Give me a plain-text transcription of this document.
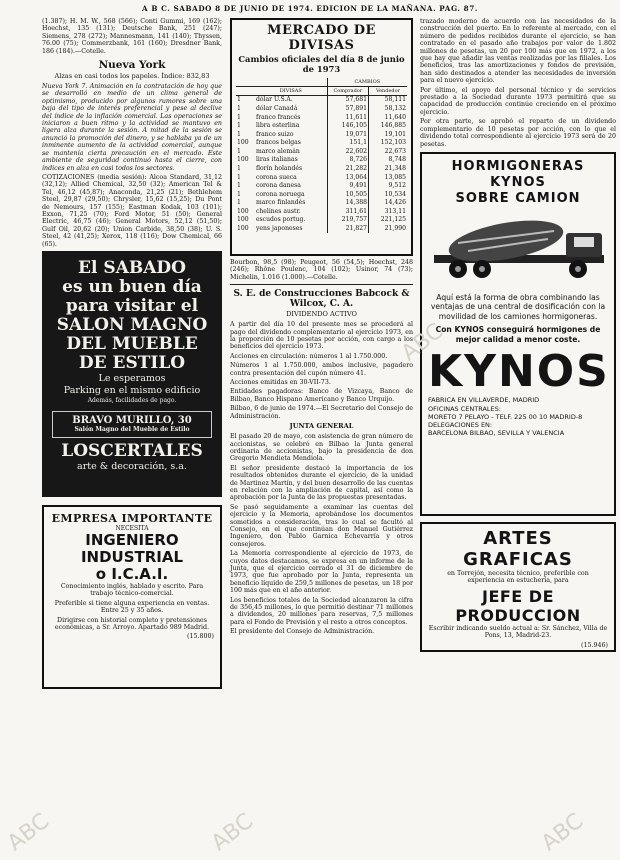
A B C. SABADO 8 DE JUNIO DE 1974. EDICION DE LA MAÑANA. PAG. 87.

(1.387); H. M. W., 568 (566); Conti Gummi, 169 (162); Hoechst, 135 (131); Deutsche Bank, 251 (247); Siemens, 278 (272); Mannesmann, 141 (140); Thyssen, 76.00 (75); Commerzbank, 161 (160); Dresdner Bank, 186 (184).—Cotelle.

Nueva York
Alzas en casi todos los papeles. Índice: 832,83

Nueva York 7. Animación en la contratación de hoy que se desarrolló en medio de un clima general de optimismo, producido por algunos rumores sobre una baja del tipo de interés preferencial y pese al declive del índice de la inflación comercial. Las operaciones se iniciaron a buen ritmo y la actividad se mantuvo en ligera alza durante la sesión. A mitad de la sesión se anunció la promoción del dinero, y se hablaba ya de un inminente aumento de la actividad comercial, aunque se mantenía cierta precaución en el mercado. Este ambiente de seguridad continuó hasta el cierre, con índices en alza en casi todos los sectores.

COTIZACIONES (media sesión): Alcoa Standard, 31,12 (32,12); Allied Chemical, 32,50 (32); American Tel & Tel, 46,12 (45,87); Anaconda, 21,25 (21); Bethlehem Steel, 29,87 (29,50); Chrysler, 15,62 (15,25); Du Pont de Nemours, 157 (155); Eastman Kodak, 103 (101); Exxon, 71,25 (70); Ford Motor, 51 (50); General Electric, 46,75 (46); General Motors, 52,12 (51,50); Gulf Oil, 20,62 (20); Union Carbide, 38,50 (38); U. S. Steel, 42 (41,25); Xerox, 118 (116); Dow Chemical, 66 (65).

El SABADO
es un buen día
para visitar el
SALON MAGNO
DEL MUEBLE
DE ESTILO
Le esperamos
Parking en el mismo edificio
Además, facilidades de pago.
BRAVO MURILLO, 30
Salón Magno del Mueble de Estilo
LOSCERTALES
arte & decoración, s.a.
EMPRESA IMPORTANTE
NECESITA
INGENIERO INDUSTRIAL
o I.C.A.I.

Conocimiento inglés, hablado y escrito. Para trabajo técnico-comercial.

Preferible si tiene alguna experiencia en ventas. Entre 25 y 35 años.

Dirigirse con historial completo y pretensiones económicas, a Sr. Arroyo. Apartado 989 Madrid.

(15.800)

MERCADO DE DIVISAS
Cambios oficiales del día 8 de junio de 1973
		CAMBIOS	
	DIVISAS	Comprador	Vendedor
1	dólar U.S.A.	57,681	58,111
1	dólar Canadá	57,891	58,132
1	franco francés	11,611	11,640
1	libra esterlina	146,105	146,885
1	franco suizo	19,071	19,101
100	francos belgas	151,1	152,103
1	marco alemán	22,602	22,673
100	liras italianas	8,726	8,748
1	florín holandés	21,282	21,348
1	corona sueca	13,064	13,085
1	corona danesa	9,491	9,512
1	corona noruega	10,505	10,534
1	marco finlandés	14,388	14,426
100	chelines austr.	311,61	313,11
100	escudos portug.	219,757	221,125
100	yens japoneses	21,827	21,990

Bourbon, 98,5 (98); Peugeot, 56 (54,5); Hoechst, 248 (246); Rhône Poulenc, 104 (102); Usinor, 74 (73); Michelin, 1.016 (1.000).—Cotelle.

S. E. de Construcciones Babcock & Wilcox, C. A.
DIVIDENDO ACTIVO

A partir del día 10 del presente mes se procederá al pago del dividendo complementario al ejercicio 1973, en la proporción de 10 pesetas por acción, con cargo a los beneficios del ejercicio 1973.

Acciones en circulación: números 1 al 1.750.000.

Números 1 al 1.750.000, ambos inclusive, pagadero contra presentación del cupón número 41.

Acciones emitidas en 30-VII-73.

Entidades pagadoras: Banco de Vizcaya, Banco de Bilbao, Banco Hispano Americano y Banco Urquijo.

Bilbao, 6 de junio de 1974.—El Secretario del Consejo de Administración.

JUNTA GENERAL

El pasado 20 de mayo, con asistencia de gran número de accionistas, se celebró en Bilbao la Junta general ordinaria de accionistas, bajo la presidencia de don Gregorio Mendieta Mendiola.

El señor presidente destacó la importancia de los resultados obtenidos durante el ejercicio, de la unidad de Martinez Martín, y del buen desarrollo de las cuentas en relación con la ampliación de capital, así como la aprobación por la Junta de las propuestas presentadas.

Se pasó seguidamente a examinar las cuentas del ejercicio y la Memoria, aprobándose los documentos sometidos a consideración, tras lo cual se facultó al Consejo, en el que continúan don Manuel Gutiérrez Ingeniero, don Pablo Garnica Echevarría y otros consejeros.

La Memoria correspondiente al ejercicio de 1973, de cuyos datos destacamos, se expresa en un informe de la Junta, que el ejercicio cerrado el 31 de diciembre de 1973, que fue aprobado por la Junta, representa un beneficio líquido de 259,5 millones de pesetas, un 18 por 100 más que en el año anterior.

Los beneficios totales de la Sociedad alcanzaron la cifra de 356,45 millones, lo que permitió destinar 71 millones a dividendos, 20 millones para reservas, 7,5 millones para el Fondo de Previsión y el resto a otros conceptos.

El presidente del Consejo de Administración.

trazado moderno de acuerdo con las necesidades de la construcción del puerto. En lo referente al mercado, con el número de pedidos recibidos durante el ejercicio, se han contratado en el pasado año trabajos por valor de 1.802 millones de pesetas, un 20 por 100 más que en 1972, a los que hay que añadir las ventas realizadas por las filiales. Los beneficios, tras las amortizaciones y fondos de previsión, han sido destinados a atender las necesidades de inversión para el nuevo ejercicio.

Por último, el apoyo del personal técnico y de servicios prestado a la Sociedad durante 1973 permitirá que su capacidad de producción continúe creciendo en el próximo ejercicio.

Por otra parte, se aprobó el reparto de un dividendo complementario de 10 pesetas por acción, con lo que el dividendo total correspondiente al ejercicio 1973 será de 20 pesetas.

HORMIGONERAS
KYNOS
SOBRE CAMION
Aquí está la forma de obra combinando las ventajas de una central de dosificación con la movilidad de los camiones hormigoneras.
Con KYNOS conseguirá hormigones de mejor calidad a menor coste.
KYNOS
FABRICA EN VILLAVERDE, MADRID
OFICINAS CENTRALES:
MORETO 7 PELAYO - TELF. 225 00 10 MADRID-8
DELEGACIONES EN:
BARCELONA BILBAO, SEVILLA Y VALENCIA
ARTES GRAFICAS

en Torrejón, necesita técnico, preferible con experiencia en estuchería, para

JEFE DE PRODUCCION

Escribir indicando sueldo actual a: Sr. Sánchez, Villa de Pons, 13, Madrid-23.

(15.946)

ABC	ABC
ABC
ABC
